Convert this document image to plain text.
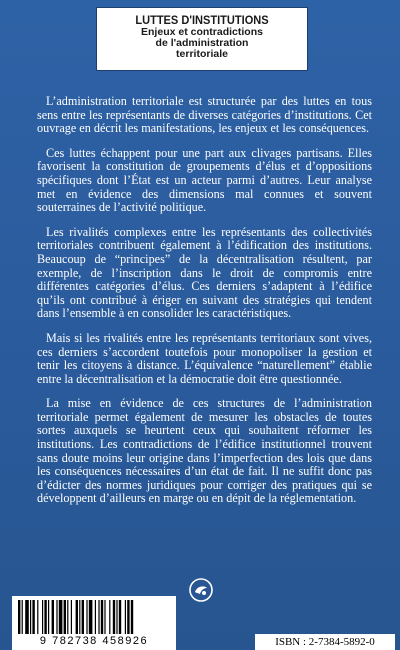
LUTTES D'INSTITUTIONS
Enjeux et contradictions
de l'administration
territoriale

L’administration territoriale est structurée par des luttes en tous sens entre les représentants de diverses catégories d’institutions. Cet ouvrage en décrit les manifestations, les enjeux et les conséquences.

Ces luttes échappent pour une part aux clivages partisans. Elles favorisent la constitution de groupements d’élus et d’oppositions spécifiques dont l’État est un acteur parmi d’autres. Leur analyse met en évidence des dimensions mal connues et souvent souterraines de l’activité politique.

Les rivalités complexes entre les représentants des collectivités territoriales contribuent également à l’édification des institutions. Beaucoup de “principes” de la décentralisation résultent, par exemple, de l’inscription dans le droit de compromis entre différentes catégories d’élus. Ces derniers s’adaptent à l’édifice qu’ils ont contribué à ériger en suivant des stratégies qui tendent dans l’ensemble à en consolider les caractéristiques.

Mais si les rivalités entre les représentants territoriaux sont vives, ces derniers s’accordent toutefois pour monopoliser la gestion et tenir les citoyens à distance. L’équivalence “naturellement” établie entre la décentralisation et la démocratie doit être questionnée.

La mise en évidence de ces structures de l’administration territoriale permet également de mesurer les obstacles de toutes sortes auxquels se heurtent ceux qui souhaitent réformer les institutions. Les contradictions de l’édifice institutionnel trouvent sans doute moins leur origine dans l’imperfection des lois que dans les conséquences nécessaires d’un état de fait. Il ne suffit donc pas d’édicter des normes juridiques pour corriger des pratiques qui se développent d’ailleurs en marge ou en dépit de la réglementation.

9 782738 458926	ISBN : 2-7384-5892-0
